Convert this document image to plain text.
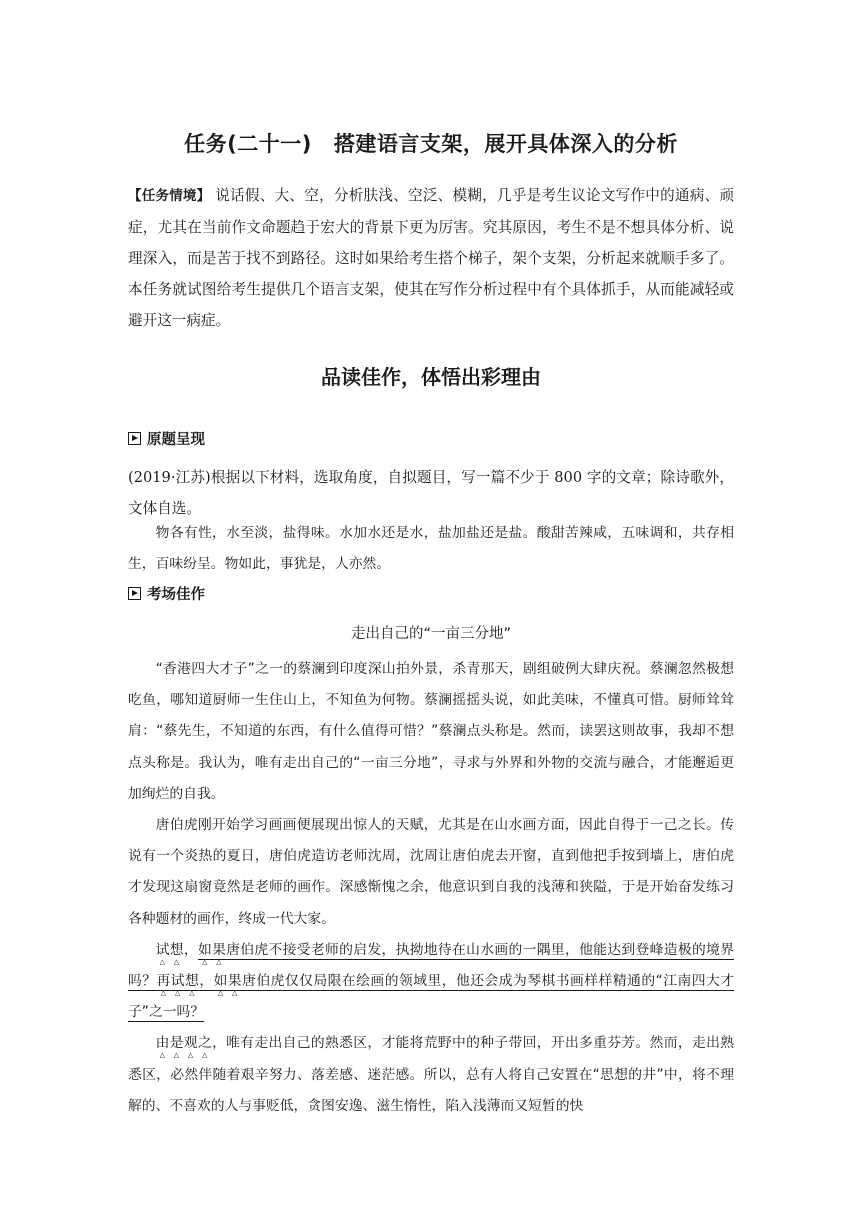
任务(二十一) 搭建语言支架，展开具体深入的分析
【任务情境】 说话假、大、空，分析肤浅、空泛、模糊，几乎是考生议论文写作中的通病、顽症，尤其在当前作文命题趋于宏大的背景下更为厉害。究其原因，考生不是不想具体分析、说理深入，而是苦于找不到路径。这时如果给考生搭个梯子，架个支架，分析起来就顺手多了。本任务就试图给考生提供几个语言支架，使其在写作分析过程中有个具体抓手，从而能减轻或避开这一病症。
品读佳作，体悟出彩理由
原题呈现
(2019·江苏)根据以下材料，选取角度，自拟题目，写一篇不少于 800 字的文章；除诗歌外，文体自选。
物各有性，水至淡，盐得味。水加水还是水，盐加盐还是盐。酸甜苦辣咸，五味调和，共存相生，百味纷呈。物如此，事犹是，人亦然。
考场佳作
走出自己的“一亩三分地”

“香港四大才子”之一的蔡澜到印度深山拍外景，杀青那天，剧组破例大肆庆祝。蔡澜忽然极想吃鱼，哪知道厨师一生住山上，不知鱼为何物。蔡澜摇摇头说，如此美味，不懂真可惜。厨师耸耸肩：“蔡先生，不知道的东西，有什么值得可惜？”蔡澜点头称是。然而，读罢这则故事，我却不想点头称是。我认为，唯有走出自己的“一亩三分地”，寻求与外界和外物的交流与融合，才能邂逅更加绚烂的自我。

唐伯虎刚开始学习画画便展现出惊人的天赋，尤其是在山水画方面，因此自得于一己之长。传说有一个炎热的夏日，唐伯虎造访老师沈周，沈周让唐伯虎去开窗，直到他把手按到墙上，唐伯虎才发现这扇窗竟然是老师的画作。深感惭愧之余，他意识到自我的浅薄和狭隘，于是开始奋发练习各种题材的画作，终成一代大家。

试想，如果唐伯虎不接受老师的启发，执拗地待在山水画的一隅里，他能达到登峰造极的境界吗？再试想，如果唐伯虎仅仅局限在绘画的领域里，他还会成为琴棋书画样样精通的“江南四大才子”之一吗？

由是观之，唯有走出自己的熟悉区，才能将荒野中的种子带回，开出多重芬芳。然而，走出熟悉区，必然伴随着艰辛努力、落差感、迷茫感。所以，总有人将自己安置在“思想的井”中，将不理解的、不喜欢的人与事贬低，贪图安逸、滋生惰性，陷入浅薄而又短暂的快
